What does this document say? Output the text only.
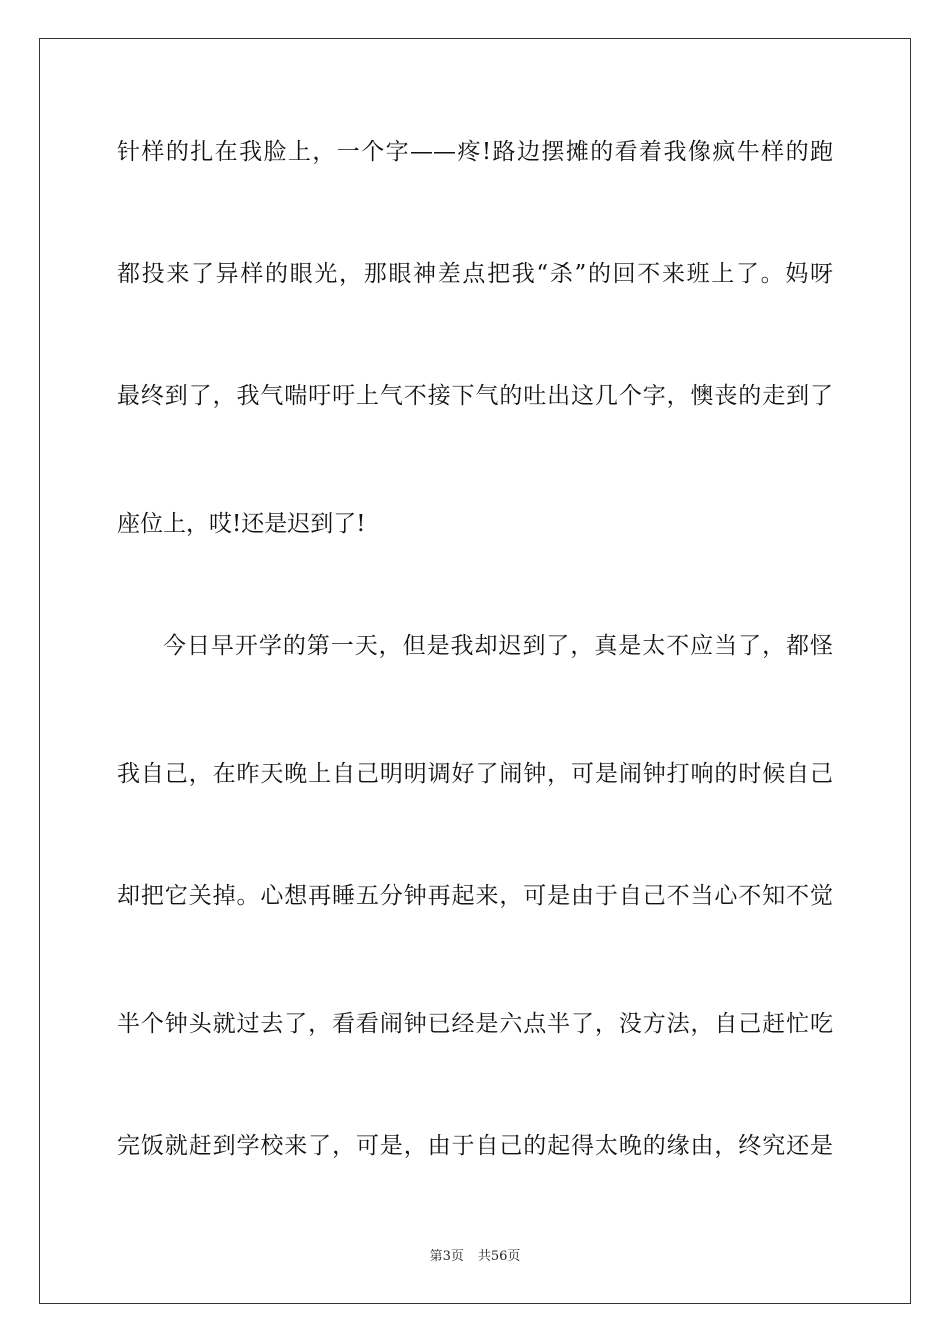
针样的扎在我脸上，一个字——疼!路边摆摊的看着我像疯牛样的跑
都投来了异样的眼光，那眼神差点把我“杀”的回不来班上了。妈呀
最终到了，我气喘吁吁上气不接下气的吐出这几个字，懊丧的走到了
座位上，哎!还是迟到了!
今日早开学的第一天，但是我却迟到了，真是太不应当了，都怪
我自己，在昨天晚上自己明明调好了闹钟，可是闹钟打响的时候自己
却把它关掉。心想再睡五分钟再起来，可是由于自己不当心不知不觉
半个钟头就过去了，看看闹钟已经是六点半了，没方法，自己赶忙吃
完饭就赶到学校来了，可是，由于自己的起得太晚的缘由，终究还是
第3页 共56页
